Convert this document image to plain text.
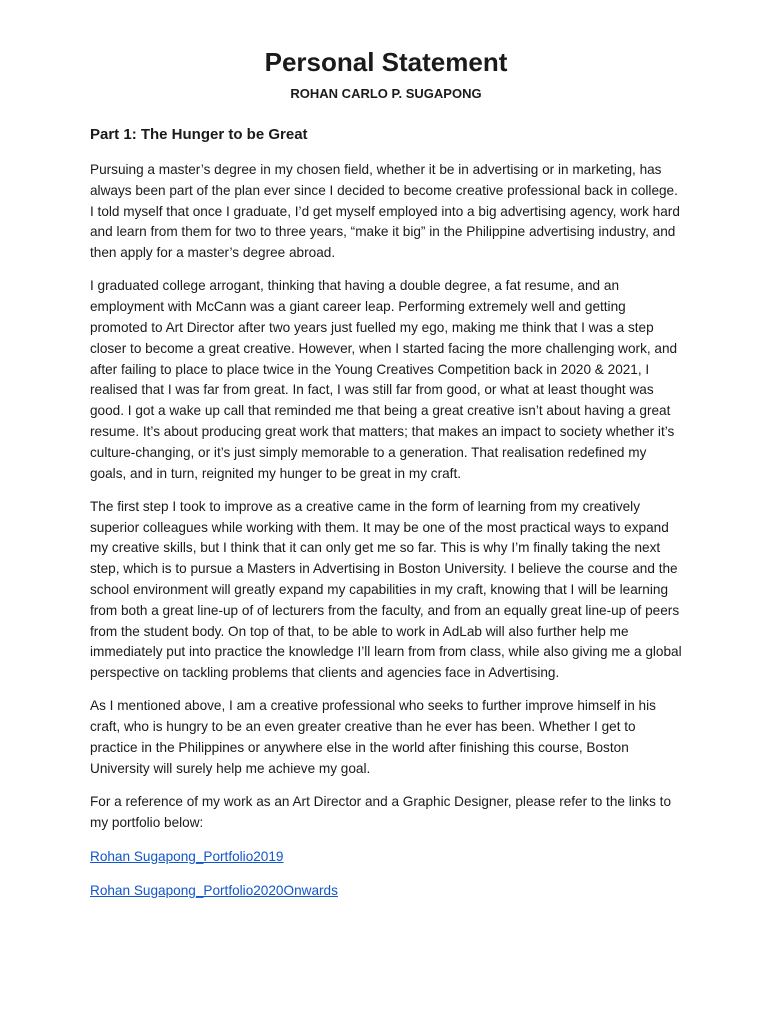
Personal Statement
ROHAN CARLO P. SUGAPONG
Part 1: The Hunger to be Great

Pursuing a master’s degree in my chosen field, whether it be in advertising or in marketing, has always been part of the plan ever since I decided to become creative professional back in college. I told myself that once I graduate, I’d get myself employed into a big advertising agency, work hard and learn from them for two to three years, “make it big” in the Philippine advertising industry, and then apply for a master’s degree abroad.

I graduated college arrogant, thinking that having a double degree, a fat resume, and an employment with McCann was a giant career leap. Performing extremely well and getting promoted to Art Director after two years just fuelled my ego, making me think that I was a step closer to become a great creative. However, when I started facing the more challenging work, and after failing to place to place twice in the Young Creatives Competition back in 2020 & 2021, I realised that I was far from great. In fact, I was still far from good, or what at least thought was good. I got a wake up call that reminded me that being a great creative isn’t about having a great resume. It’s about producing great work that matters; that makes an impact to society whether it’s culture-changing, or it’s just simply memorable to a generation. That realisation redefined my goals, and in turn, reignited my hunger to be great in my craft.

The first step I took to improve as a creative came in the form of learning from my creatively superior colleagues while working with them. It may be one of the most practical ways to expand my creative skills, but I think that it can only get me so far. This is why I’m finally taking the next step, which is to pursue a Masters in Advertising in Boston University. I believe the course and the school environment will greatly expand my capabilities in my craft, knowing that I will be learning from both a great line-up of of lecturers from the faculty, and from an equally great line-up of peers from the student body. On top of that, to be able to work in AdLab will also further help me immediately put into practice the knowledge I’ll learn from from class, while also giving me a global perspective on tackling problems that clients and agencies face in Advertising.

As I mentioned above, I am a creative professional who seeks to further improve himself in his craft, who is hungry to be an even greater creative than he ever has been. Whether I get to practice in the Philippines or anywhere else in the world after finishing this course, Boston University will surely help me achieve my goal.

For a reference of my work as an Art Director and a Graphic Designer, please refer to the links to my portfolio below:

Rohan Sugapong_Portfolio2019
Rohan Sugapong_Portfolio2020Onwards
